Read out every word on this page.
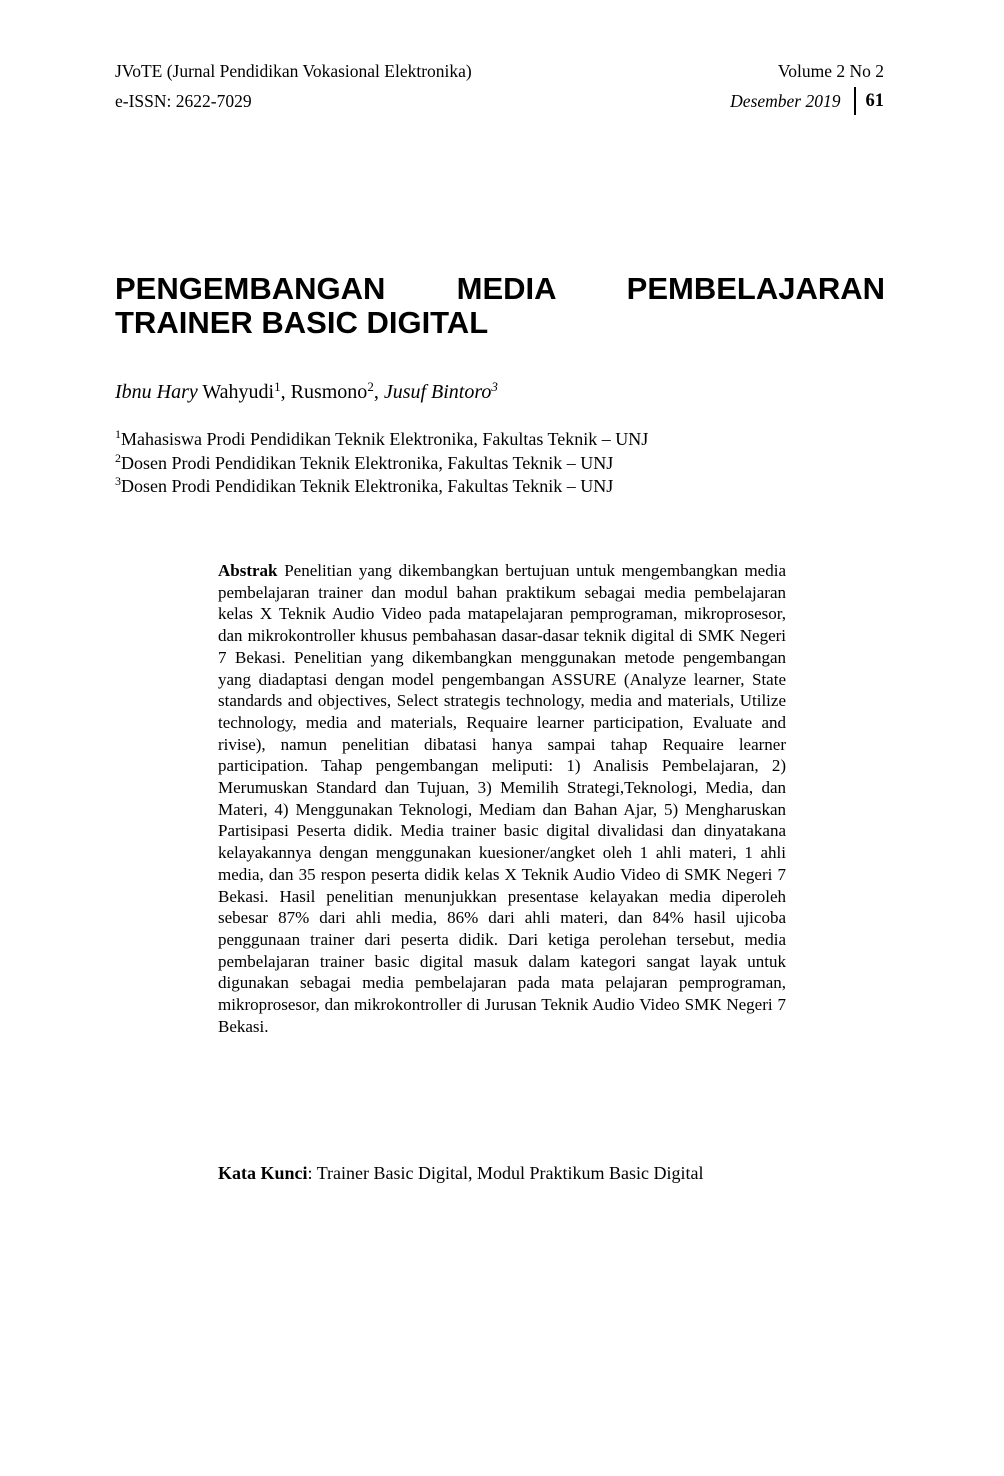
JVoTE (Jurnal Pendidikan Vokasional Elektronika)
e-ISSN: 2622-7029
Volume 2 No 2
Desember 2019 61
PENGEMBANGAN MEDIA PEMBELAJARAN
TRAINER BASIC DIGITAL
Ibnu Hary Wahyudi$^1$, Rusmono$^2$, Jusuf Bintoro$^3$
$^1$Mahasiswa Prodi Pendidikan Teknik Elektronika, Fakultas Teknik – UNJ
$^2$Dosen Prodi Pendidikan Teknik Elektronika, Fakultas Teknik – UNJ
$^3$Dosen Prodi Pendidikan Teknik Elektronika, Fakultas Teknik – UNJ

Abstrak Penelitian yang dikembangkan bertujuan untuk mengembangkan media pembelajaran trainer dan modul bahan praktikum sebagai media pembelajaran kelas X Teknik Audio Video pada matapelajaran pemprograman, mikroprosesor, dan mikrokontroller khusus pembahasan dasar-dasar teknik digital di SMK Negeri 7 Bekasi. Penelitian yang dikembangkan menggunakan metode pengembangan yang diadaptasi dengan model pengembangan ASSURE (Analyze learner, State standards and objectives, Select strategis technology, media and materials, Utilize technology, media and materials, Requaire learner participation, Evaluate and rivise), namun penelitian dibatasi hanya sampai tahap Requaire learner participation. Tahap pengembangan meliputi: 1) Analisis Pembelajaran, 2) Merumuskan Standard dan Tujuan, 3) Memilih Strategi,Teknologi, Media, dan Materi, 4) Menggunakan Teknologi, Mediam dan Bahan Ajar, 5) Mengharuskan Partisipasi Peserta didik. Media trainer basic digital divalidasi dan dinyatakana kelayakannya dengan menggunakan kuesioner/angket oleh 1 ahli materi, 1 ahli media, dan 35 respon peserta didik kelas X Teknik Audio Video di SMK Negeri 7 Bekasi. Hasil penelitian menunjukkan presentase kelayakan media diperoleh sebesar 87% dari ahli media, 86% dari ahli materi, dan 84% hasil ujicoba penggunaan trainer dari peserta didik. Dari ketiga perolehan tersebut, media pembelajaran trainer basic digital masuk dalam kategori sangat layak untuk digunakan sebagai media pembelajaran pada mata pelajaran pemprograman, mikroprosesor, dan mikrokontroller di Jurusan Teknik Audio Video SMK Negeri 7 Bekasi.

Kata Kunci: Trainer Basic Digital, Modul Praktikum Basic Digital
